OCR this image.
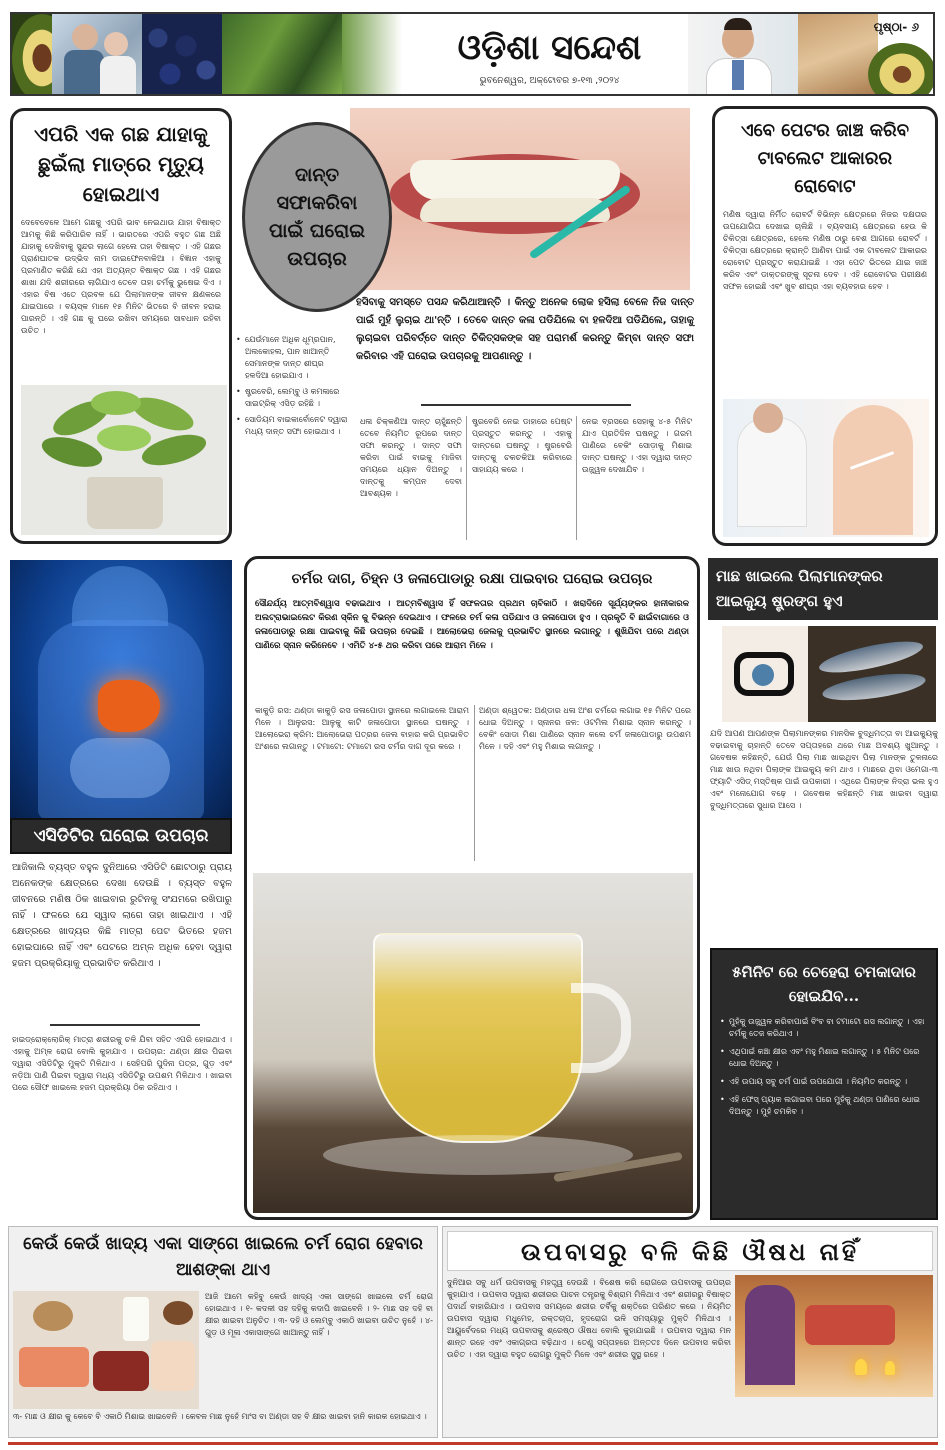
ଓଡ଼ିଶା ସନ୍ଦେଶ
ଭୁବନେଶ୍ୱର, ଅକ୍ଟୋବର ୭-୧୩ ,୨୦୨୪
ପୃଷ୍ଠା- ୬
ଏପରି ଏକ ଗଛ ଯାହାକୁ ଛୁଇଁଲା ମାତ୍ରେ ମୃତ୍ୟୁ ହୋଇଥାଏ
ଦେବେବେଳେ ଆମେ ଗଛକୁ ଏପରି ଭାବ ନେଇଥାଉ ଯାହା ବିଷାକ୍ତ ଆମକୁ କିଛି କରିପାରିବ ନାହିଁ । ଭାରତରେ ଏପରି ବହୁତ ଗଛ ଅଛି ଯାହାକୁ ଦେଖିବାକୁ ସୁନ୍ଦର ଲାଗେ ହେଲେ ତାହା ବିଷାକ୍ତ । ଏହି ଗଛର ପ୍ରାଣଘାତକ ଉଦ୍ଭିଦ ନାମ ଡାଇଫେନବାକିଆ । ବିଜ୍ଞାନ ଏହାକୁ ପ୍ରମାଣିତ କରିଛି ଯେ ଏହା ଅତ୍ୟନ୍ତ ବିଷାକ୍ତ ଗଛ । ଏହି ଗଛର ଶାଖା ଯଦି ଶରୀରରେ ଲାଗିଯାଏ ତେବେ ତାହା ଚର୍ମକୁ ଭୁଷେଇ ଦିଏ । ଏହାର ବିଷ ଏତେ ପ୍ରବଳ ଯେ ପିଲାମାନଙ୍କ ଜୀବନ କ୍ଷଣକରେ ଯାଇପାରେ । ବୟସ୍କ ମାନେ ୧୫ ମିନିଟ ଭିତରେ ବି ଜୀବନ ହରାଇ ପାରନ୍ତି । ଏହି ଗଛ କୁ ଘରେ ରଖିବା ସମୟରେ ସାବଧାନ ରହିବା ଉଚିତ ।
ଦାନ୍ତ ସଫାକରିବା ପାଇଁ ଘରୋଇ ଉପଚାର
ହସିବାକୁ ସମସ୍ତେ ପସନ୍ଦ କରିଥାଆନ୍ତି । କିନ୍ତୁ ଅନେକ ଲୋକ ହସିଲା ବେଳେ ନିଜ ଦାନ୍ତ ପାଇଁ ମୁହଁ ଲୁଚାଇ ଥା'ନ୍ତି । ତେବେ ଦାନ୍ତ କଳା ପଡିଯିଲେ ବା ହଳଦିଆ ପଡିଯିଲେ, ତାହାକୁ ଲୁଚାଇବା ପରିବର୍ତ୍ତେ ଦାନ୍ତ ଚିକିତ୍ସକଙ୍କ ସହ ପରାମର୍ଶ କରନ୍ତୁ କିମ୍ବା ଦାନ୍ତ ସଫା କରିବାର ଏହି ଘରୋଇ ଉପଚାରକୁ ଆପଣାନ୍ତୁ ।
• ଯେଉଁମାନେ ଅଧିକ ଧୂମ୍ରପାନ, ଅଲକୋହଲ, ପାନ ଖାଆନ୍ତି ସେମାନଙ୍କ ଦାନ୍ତ ଶୀଘ୍ର ହଳଦିଆ ହୋଇଯାଏ ।
• ଷ୍ଟ୍ରବେରି, ଲେମ୍ବୁ ଓ କମଳାରେ ସାଇଟ୍ରିକ୍ ଏସିଡ଼ ରହିଛି ।
• ସୋଡିୟମ ବାଇକାର୍ବୋନେଟ ଦ୍ୱାରା ମଧ୍ୟ ଦାନ୍ତ ସଫା ହୋଇଥାଏ ।
ଧଳା ଚିକ୍କଣିଆ ଦାନ୍ତ ଚାହୁଁଛନ୍ତି ତେବେ ନିୟମିତ ରୂପରେ ଦାନ୍ତ ସଫା କରନ୍ତୁ । ଦାନ୍ତ ସଫା କରିବା ପାଇଁ ବାଇକୁ ମାଜିବା ସମୟରେ ଧ୍ୟାନ ଦିଅନ୍ତୁ । ଦାନ୍ତକୁ କମ୍ପନ ଦେବା ଆବଶ୍ୟକ ।
ଷ୍ଟ୍ରବେରି ନେଇ ଡାହାରେ ପେଷ୍ଟ ପ୍ରସ୍ତୁତ କରନ୍ତୁ । ଏହାକୁ ଦାନ୍ତରେ ଘଷନ୍ତୁ । ଷ୍ଟ୍ରବେରି ଦାନ୍ତକୁ ଚକଚକିଆ କରିବାରେ ସାହାଯ୍ୟ କରେ ।
ନେଇ ବ୍ରସରେ ସେହାକୁ ୪-୫ ମିନିଟ ଯାଏ ପ୍ରତିଦିନ ଘଷନ୍ତୁ । ଗରମ ପାଣିରେ ବେକିଂ ସୋଡ଼ାକୁ ମିଶାଇ ଦାନ୍ତ ଘଷନ୍ତୁ । ଏହା ଦ୍ୱାରା ଦାନ୍ତ ଉଜ୍ଜ୍ୱଳ ଦେଖାଯିବ ।
ଏବେ ପେଟର ଜାଞ୍ଚ କରିବ ଟାବଲେଟ ଆକାରର ରୋବୋଟ
ମଣିଷ ଦ୍ୱାରା ନିର୍ମିତ ରୋବର୍ଟ ବିଭିନ୍ନ କ୍ଷେତ୍ରରେ ନିଜର ଦକ୍ଷତାର ଉପଯୋଗିତା ଦେଖାଇ ଚାଲିଛି । ବ୍ୟବସାୟ କ୍ଷେତ୍ରରେ ହେଉ କି ଚିକିତ୍ସା କ୍ଷେତ୍ରରେ, ହେଲେ ମଣିଷ ଠାରୁ ବେଶ ଆଗରେ ରୋବର୍ଟ । ଚିକିତ୍ସା କ୍ଷେତ୍ରରେ କ୍ରାନ୍ତି ଆଣିବା ପାଇଁ ଏକ ଟାବଲେଟ ଆକାରର ରୋବୋଟ ପ୍ରସ୍ତୁତ କରାଯାଇଛି । ଏହା ପେଟ ଭିତରେ ଯାଇ ଜାଞ୍ଚ କରିବ ଏବଂ ଡାକ୍ତରଙ୍କୁ ସୂଚନା ଦେବ । ଏହି ରୋବୋଟର ପରୀକ୍ଷଣ ସଫଳ ହୋଇଛି ଏବଂ ଖୁବ ଶୀଘ୍ର ଏହା ବ୍ୟବହାର ହେବ ।
ଏସିଡିଟିର ଘରୋଇ ଉପଚାର
ଆଜିକାଲି ବ୍ୟସ୍ତ ବହୁଳ ଦୁନିଆରେ ଏସିଡିଟି ଛୋଟଠାରୁ ପ୍ରାୟ ଅନେକଙ୍କ କ୍ଷେତ୍ରରେ ଦେଖା ଦେଉଛି । ବ୍ୟସ୍ତ ବହୁଳ ଜୀବନରେ ମଣିଷ ଠିକ ଖାଇବାର ରୁଟିନକୁ ସଂଯମରେ ରଖିପାରୁ ନାହିଁ । ଫଳରେ ଯେ ସ୍ୱାଦ ଲାଗେ ତାହା ଖାଇଥାଏ । ଏହି କ୍ଷେତ୍ରରେ ଖାଦ୍ୟର କିଛି ମାତ୍ରା ପେଟ ଭିତରେ ହଜମ ହୋଇପାରେ ନାହିଁ ଏବଂ ପେଟରେ ଅମ୍ଳ ଅଧିକ ହେବା ଦ୍ୱାରା ହଜମ ପ୍ରକ୍ରିୟାକୁ ପ୍ରଭାବିତ କରିଥାଏ ।
ହାଇଡ୍ରୋକ୍ଲୋରିକ୍ ମାତ୍ରା ଶରୀରକୁ ଚଳି ଯିବା ସହିତ ଏପରି ହୋଇଥାଏ । ଏହାକୁ ଅମ୍ଳ ରୋଗ ବୋଲି କୁହାଯାଏ । ଉପଚାର: ଥଣ୍ଡା କ୍ଷୀର ପିଇବା ଦ୍ୱାରା ଏସିଡିଟିରୁ ମୁକ୍ତି ମିଳିଥାଏ । ସେହିପରି ପୁଦିନା ପତ୍ର, ଗୁଡ଼ ଏବଂ ନଡ଼ିଆ ପାଣି ପିଇବା ଦ୍ୱାରା ମଧ୍ୟ ଏସିଡିଟିରୁ ଉପଶମ ମିଳିଥାଏ । ଖାଇବା ପରେ ସୌଫ ଖାଇଲେ ହଜମ ପ୍ରକ୍ରିୟା ଠିକ ରହିଥାଏ ।
ଚର୍ମର ଦାଗ, ଚିହ୍ନ ଓ ଜଳାପୋଡାରୁ ରକ୍ଷା ପାଇବାର ଘରୋଇ ଉପଚାର
ସୌନ୍ଦର୍ଯ୍ୟ ଆତ୍ମବିଶ୍ୱାସ ବଢାଇଥାଏ । ଆତ୍ମବିଶ୍ୱାସ ହିଁ ସଫଳତାର ପ୍ରଥମ ଚାବିକାଠି । ଖରାଦିନେ ସୂର୍ଯ୍ୟଙ୍କର ହାନୀକାରକ ଅଲଟ୍ରାଭାଇଲେଟ କିରଣ ସ୍କିନ କୁ ବିଭନ୍ନ ଦେଇଥାଏ । ଫଳରେ ଚର୍ମ କଳା ପଡିଯାଏ ଓ ଜଳାପୋଡା ହୁଏ । ପ୍ରକୃତି ବି ଛାଇଁବାଗାରେ ଓ ଜଳାପୋଡାରୁ ରକ୍ଷା ପାଇବାକୁ କିଛି ଉପଚାର ଦେଇଛି । ଆଲୋଭେରା ଜେଲକୁ ପ୍ରଭାବିତ ସ୍ଥାନରେ ଲଗାନ୍ତୁ । ଶୁଖିଯିବା ପରେ ଥଣ୍ଡା ପାଣିରେ ସ୍ନାନ କରିନେବେ । ଏମିତି ୪-୫ ଥର କରିବା ପରେ ଆରାମ ମିଳେ ।
କାକୁଡ଼ି ରସ: ଥଣ୍ଡା କାକୁଡ଼ି ରସ ଜଳାପୋଡା ସ୍ଥାନରେ ଲଗାଇଲେ ଆରାମ ମିଳେ । ଆଳୁରସ: ଆଳୁକୁ କାଟି ଜଳାପୋଡା ସ୍ଥାନରେ ଘଷନ୍ତୁ । ଆଲୋଭେରା କ୍ରିମ: ଆଲୋଭେରା ପତ୍ରର ଜେଲ ବାହାର କରି ପ୍ରଭାବିତ ଅଂଶରେ ଲଗାନ୍ତୁ । ଟମାଟୋ: ଟମାଟୋ ରସ ଚର୍ମର ଦାଗ ଦୂର କରେ ।
ଅଣ୍ଡା ଶ୍ୱେତକ: ଅଣ୍ଡାର ଧଳା ଅଂଶ ଚର୍ମରେ ଲଗାଇ ୧୫ ମିନିଟ ପରେ ଧୋଇ ଦିଅନ୍ତୁ । ସ୍ନାନର ଜଳ: ଓଟମିଲ ମିଶାଇ ସ୍ନାନ କରନ୍ତୁ । ବେକିଂ ସୋଡା ମିଶା ପାଣିରେ ସ୍ନାନ କଲେ ଚର୍ମ ଜଳାପୋଡାରୁ ଉପଶମ ମିଳେ । ଦହି ଏବଂ ମହୁ ମିଶାଇ ଲଗାନ୍ତୁ ।
ମାଛ ଖାଇଲେ ପିଲାମାନଙ୍କର ଆଇକ୍ୟୁ ଷ୍ଟ୍ରଙ୍ଗ ହୁଏ
ଯଦି ଆପଣ ଆପଣଙ୍କ ପିଲାମାନଙ୍କର ମାନସିକ ବୁଦ୍ଧିମତ୍ତା ବା ଆଇକ୍ୟୁକୁ ବଢାଇବାକୁ ଚାହାନ୍ତି ତେବେ ସପ୍ତାହରେ ଥରେ ମାଛ ଅବଶ୍ୟ ଖୁଆନ୍ତୁ । ଗବେଷକ କହିଛନ୍ତି, ଯେଉଁ ପିଲା ମାଛ ଖାଇଥିବା ପିଲା ମାନଙ୍କ ତୁଳନାରେ ମାଛ ଖାଉ ନଥିବା ପିଲାଙ୍କ ଆଇକ୍ୟୁ କମ ଥାଏ । ମାଛରେ ଥିବା ଓମେଗା-୩ ଫ୍ୟାଟି ଏସିଡ୍ ମସ୍ତିଷ୍କ ପାଇଁ ଉପକାରୀ । ଏଥିରେ ପିଲାଙ୍କ ନିଦ୍ରା ଭଲ ହୁଏ ଏବଂ ମନୋଯୋଗ ବଢ଼େ । ଗବେଷକ କହିଛନ୍ତି ମାଛ ଖାଇବା ଦ୍ୱାରା ବୁଦ୍ଧିମତ୍ତାରେ ସୁଧାର ଆସେ ।
୫ମିନିଟ ରେ ଚେହେରା ଚମକାଦାର ହୋଇଯିବ...
• ମୁହଁକୁ ଉଜ୍ଜ୍ୱଳ କରିବାପାଇଁ ବିଂବ ବା ଟମାଟୋ ରସ ଲଗାନ୍ତୁ । ଏହା ଚର୍ମକୁ ତେଜ କରିଥାଏ ।
• ଏଥିପାଇଁ କଞ୍ଚା କ୍ଷୀର ଏବଂ ମହୁ ମିଶାଇ ଲଗାନ୍ତୁ । ୫ ମିନିଟ ପରେ ଧୋଇ ଦିଅନ୍ତୁ ।
• ଏହି ଉପାୟ ସବୁ ଚର୍ମ ପାଇଁ ଉପଯୋଗୀ । ନିୟମିତ କରନ୍ତୁ ।
• ଏହି ଫେସ୍ ପ୍ୟାକ ଲଗାଇବା ପରେ ମୁହଁକୁ ଥଣ୍ଡା ପାଣିରେ ଧୋଇ ଦିଅନ୍ତୁ । ମୁହଁ ଚମକିବ ।
କେଉଁ କେଉଁ ଖାଦ୍ୟ ଏକା ସାଙ୍ଗେ ଖାଇଲେ ଚର୍ମ ରୋଗ ହେବାର ଆଶଙ୍କା ଥାଏ
ଆଜି ଆମେ କହିବୁ କେଉଁ ଖାଦ୍ୟ ଏକା ସାଙ୍ଗେ ଖାଇଲେ ଚର୍ମ ରୋଗ ହୋଇଥାଏ । ୧- କଦଳୀ ସହ ଦହିକୁ କଦାପି ଖାଇବେନି । ୨- ମାଛ ସହ ଦହି ବା କ୍ଷୀର ଖାଇବା ଅନୁଚିତ । ୩- ଦହି ଓ ଲେମ୍ବୁ ଏକାଠି ଖାଇବା ଉଚିତ ନୁହେଁ । ୪- ଗୁଡ଼ ଓ ମୂଳା ଏକାସାଙ୍ଗେ ଖାଆନ୍ତୁ ନାହିଁ ।
୩- ମାଛ ଓ କ୍ଷୀର କୁ କେବେ ବି ଏକାଠି ମିଶାଇ ଖାଇବେନି । କେବଳ ମାଛ ନୁହେଁ ମାଂସ ବା ଅଣ୍ଡା ସହ ବି କ୍ଷୀର ଖାଇବା ହାନି କାରକ ହୋଇଥାଏ ।
ଉପବାସରୁ ବଳି କିଛି ଔଷଧ ନାହିଁ
ଦୁନିଆର ସବୁ ଧର୍ମ ଉପବାସକୁ ମହତ୍ତ୍ୱ ଦେଉଛି । ବିଶେଷ କରି ରୋଗରେ ଉପବାସକୁ ଉପଚାର କୁହାଯାଏ । ଉପବାସ ଦ୍ୱାରା ଶରୀରର ପାଚନ ତନ୍ତ୍ରକୁ ବିଶ୍ରାମ ମିଳିଥାଏ ଏବଂ ଶରୀରରୁ ବିଷାକ୍ତ ପଦାର୍ଥ ବାହାରିଯାଏ । ଉପବାସ ସମୟରେ ଶରୀର ଚର୍ବିକୁ ଶକ୍ତିରେ ପରିଣତ କରେ । ନିୟମିତ ଉପବାସ ଦ୍ୱାରା ମଧୁମେହ, ରକ୍ତଚାପ, ହୃଦରୋଗ ଭଳି ସମସ୍ୟାରୁ ମୁକ୍ତି ମିଳିଥାଏ । ଆୟୁର୍ବେଦରେ ମଧ୍ୟ ଉପବାସକୁ ଶ୍ରେଷ୍ଠ ଔଷଧ ବୋଲି କୁହାଯାଇଛି । ଉପବାସ ଦ୍ୱାରା ମନ ଶାନ୍ତ ରହେ ଏବଂ ଏକାଗ୍ରତା ବଢ଼ିଥାଏ । ତେଣୁ ସପ୍ତାହରେ ଅନ୍ତତଃ ଦିନେ ଉପବାସ କରିବା ଉଚିତ । ଏହା ଦ୍ୱାରା ବହୁତ ରୋଗରୁ ମୁକ୍ତି ମିଳେ ଏବଂ ଶରୀର ସୁସ୍ଥ ରହେ ।
